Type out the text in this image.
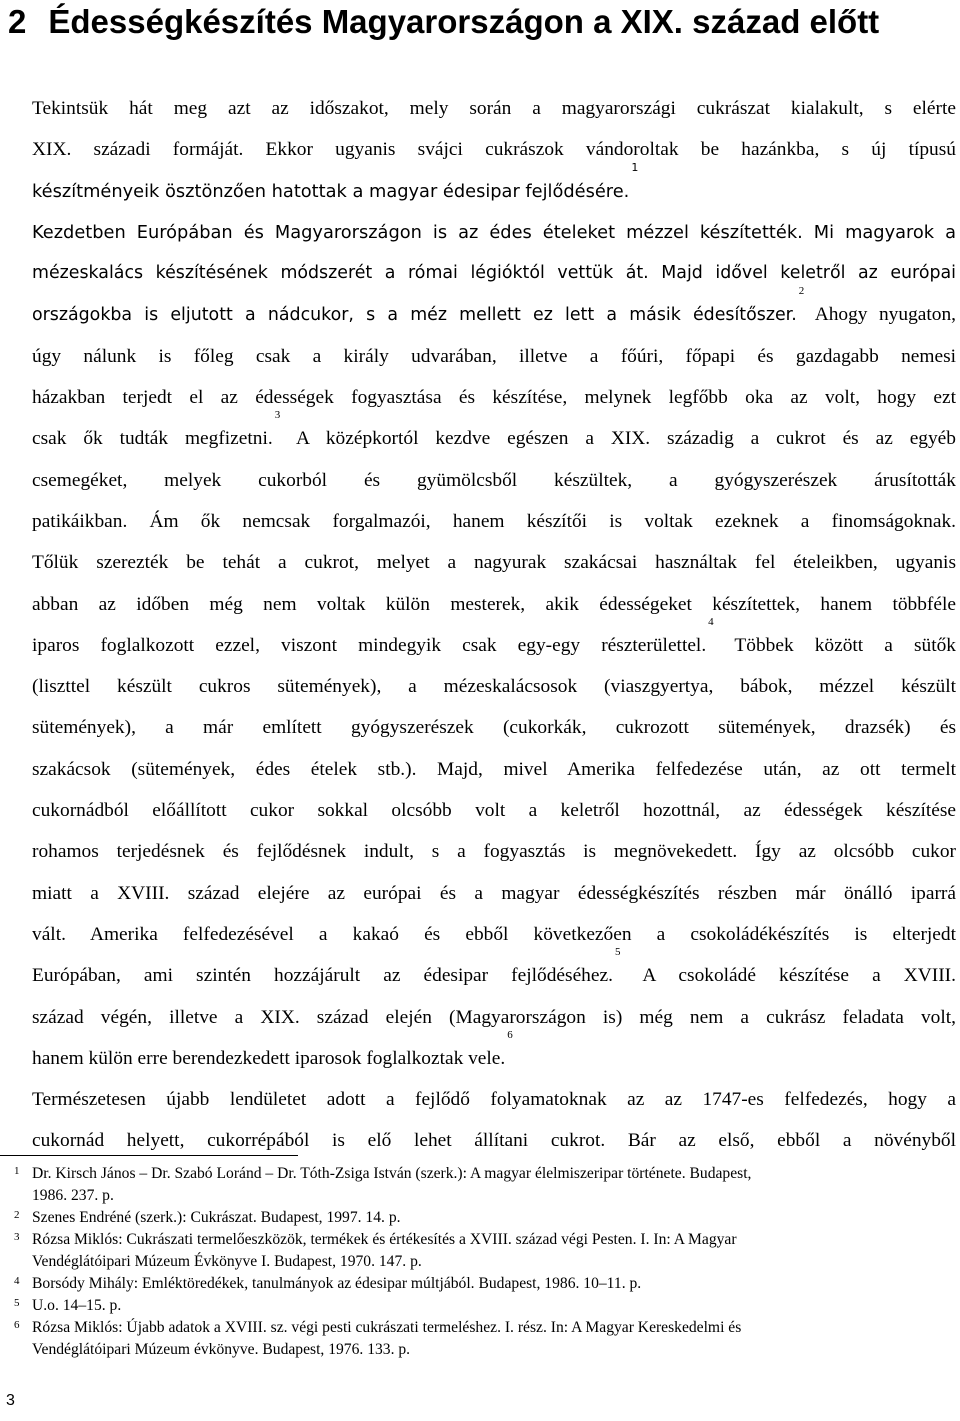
2 Édességkészítés Magyarországon a XIX. század előtt
Tekintsük hát meg azt az időszakot, mely során a magyarországi cukrászat kialakult, s elérte
XIX. századi formáját. Ekkor ugyanis svájci cukrászok vándoroltak be hazánkba, s új típusú
készítményeik ösztönzően hatottak a magyar édesipar fejlődésére.$^1$
Kezdetben Európában és Magyarországon is az édes ételeket mézzel készítették. Mi magyarok a
mézeskalács készítésének módszerét a római légióktól vettük át. Majd idővel keletről az európai
országokba is eljutott a nádcukor, s a méz mellett ez lett a másik édesítőszer.$^2$ Ahogy nyugaton,
úgy nálunk is főleg csak a király udvarában, illetve a főúri, főpapi és gazdagabb nemesi
házakban terjedt el az édességek fogyasztása és készítése, melynek legfőbb oka az volt, hogy ezt
csak ők tudták megfizetni.$^3$ A középkortól kezdve egészen a XIX. századig a cukrot és az egyéb
csemegéket, melyek cukorból és gyümölcsből készültek, a gyógyszerészek árusították
patikáikban. Ám ők nemcsak forgalmazói, hanem készítői is voltak ezeknek a finomságoknak.
Tőlük szerezték be tehát a cukrot, melyet a nagyurak szakácsai használtak fel ételeikben, ugyanis
abban az időben még nem voltak külön mesterek, akik édességeket készítettek, hanem többféle
iparos foglalkozott ezzel, viszont mindegyik csak egy-egy részterülettel.$^4$ Többek között a sütők
(liszttel készült cukros sütemények), a mézeskalácsosok (viaszgyertya, bábok, mézzel készült
sütemények), a már említett gyógyszerészek (cukorkák, cukrozott sütemények, drazsék) és
szakácsok (sütemények, édes ételek stb.). Majd, mivel Amerika felfedezése után, az ott termelt
cukornádból előállított cukor sokkal olcsóbb volt a keletről hozottnál, az édességek készítése
rohamos terjedésnek és fejlődésnek indult, s a fogyasztás is megnövekedett. Így az olcsóbb cukor
miatt a XVIII. század elejére az európai és a magyar édességkészítés részben már önálló iparrá
vált. Amerika felfedezésével a kakaó és ebből következően a csokoládékészítés is elterjedt
Európában, ami szintén hozzájárult az édesipar fejlődéséhez.$^5$ A csokoládé készítése a XVIII.
század végén, illetve a XIX. század elején (Magyarországon is) még nem a cukrász feladata volt,
hanem külön erre berendezkedett iparosok foglalkoztak vele.$^6$
Természetesen újabb lendületet adott a fejlődő folyamatoknak az az 1747-es felfedezés, hogy a
cukornád helyett, cukorrépából is elő lehet állítani cukrot. Bár az első, ebből a növényből
1 Dr. Kirsch János – Dr. Szabó Loránd – Dr. Tóth-Zsiga István (szerk.): A magyar élelmiszeripar története. Budapest,
1986. 237. p.
2 Szenes Endréné (szerk.): Cukrászat. Budapest, 1997. 14. p.
3 Rózsa Miklós: Cukrászati termelőeszközök, termékek és értékesítés a XVIII. század végi Pesten. I. In: A Magyar
Vendéglátóipari Múzeum Évkönyve I. Budapest, 1970. 147. p.
4 Borsódy Mihály: Emléktöredékek, tanulmányok az édesipar múltjából. Budapest, 1986. 10–11. p.
5 U.o. 14–15. p.
6 Rózsa Miklós: Újabb adatok a XVIII. sz. végi pesti cukrászati termeléshez. I. rész. In: A Magyar Kereskedelmi és
Vendéglátóipari Múzeum évkönyve. Budapest, 1976. 133. p.
3
